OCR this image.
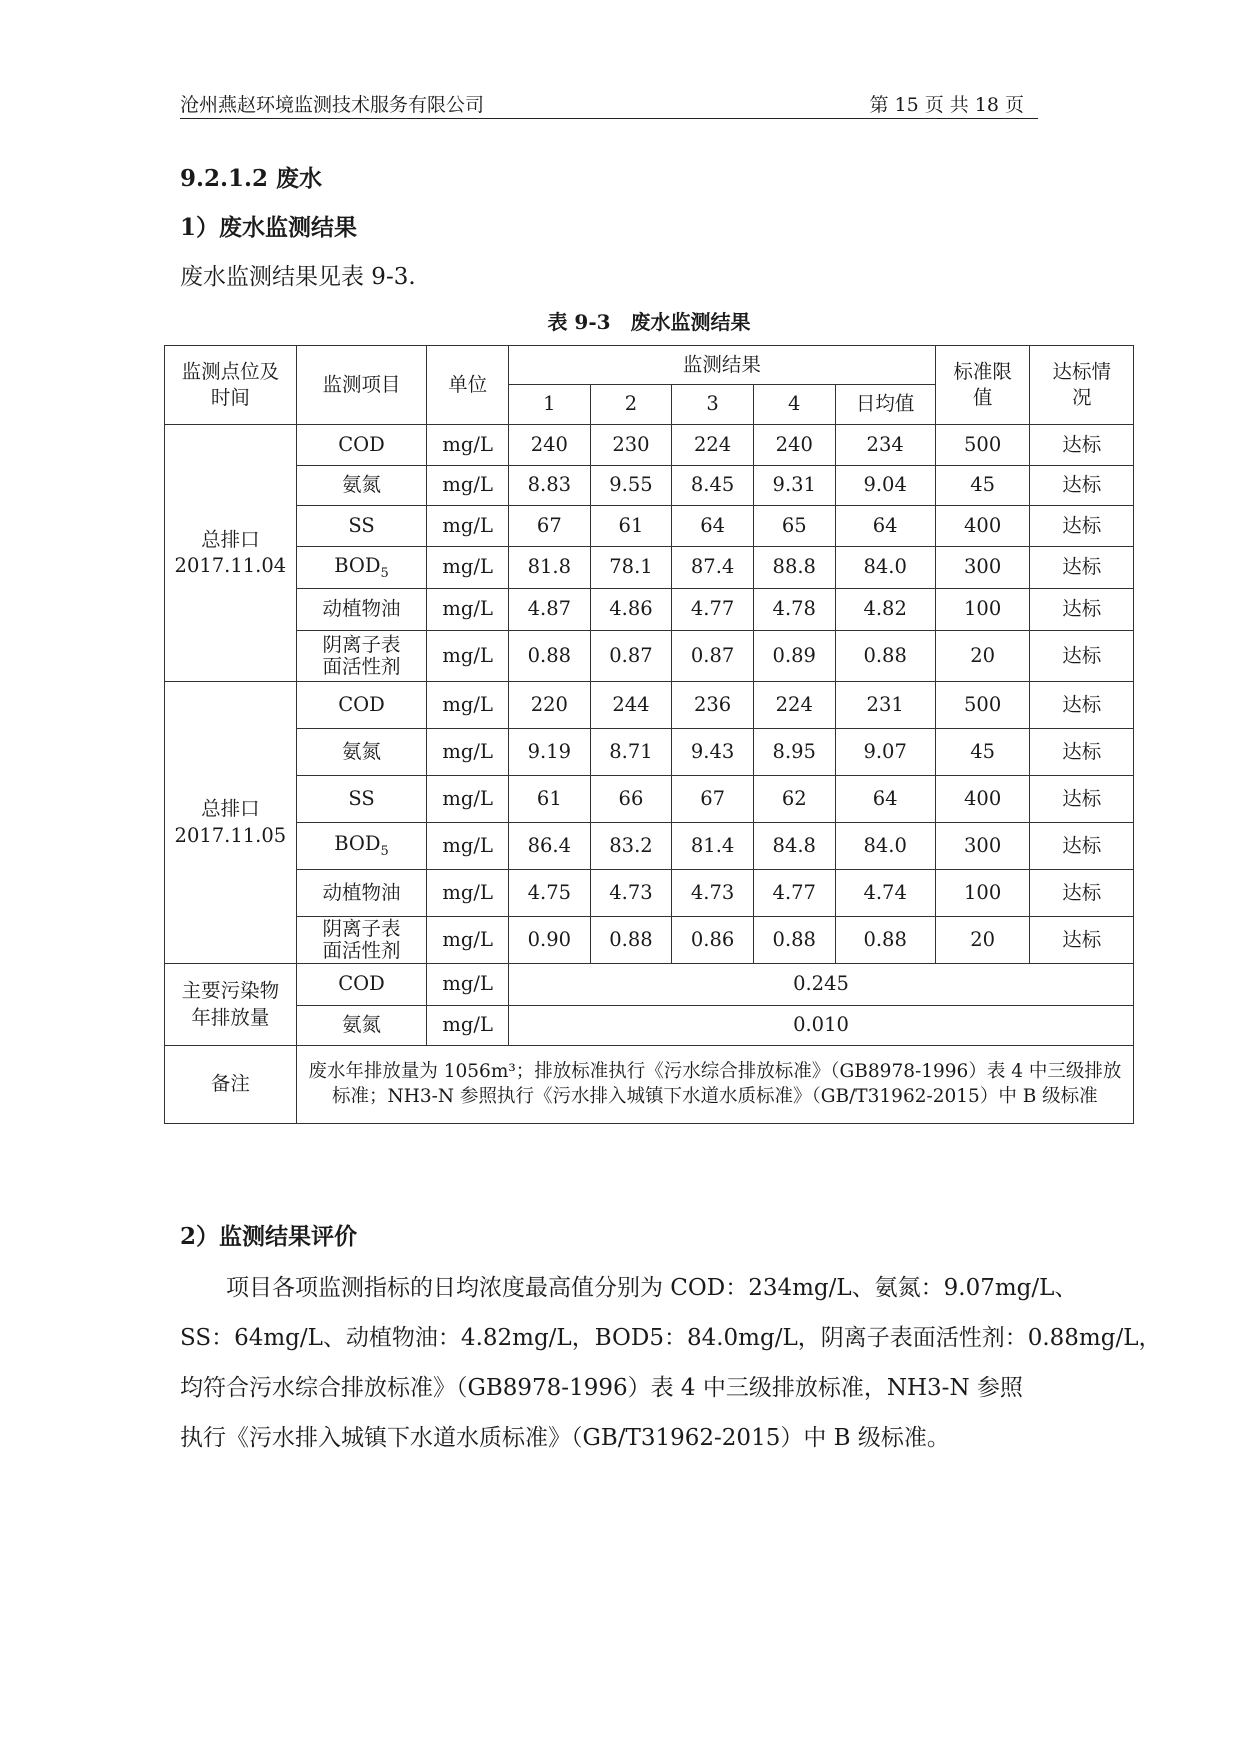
沧州燕赵环境监测技术服务有限公司	第 15 页 共 18 页
9.2.1.2 废水
1）废水监测结果
废水监测结果见表 9-3.
表 9-3　废水监测结果
监测点位及时间	监测项目	单位	监测结果					标准限值	达标情况
			1	2	3	4	日均值		
总排口
2017.11.04	COD	mg/L	240	230	224	240	234	500	达标
	氨氮	mg/L	8.83	9.55	8.45	9.31	9.04	45	达标
	SS	mg/L	67	61	64	65	64	400	达标
	$BOD_5$	mg/L	81.8	78.1	87.4	88.8	84.0	300	达标
	动植物油	mg/L	4.87	4.86	4.77	4.78	4.82	100	达标
	阴离子表
面活性剂	mg/L	0.88	0.87	0.87	0.89	0.88	20	达标
总排口
2017.11.05	COD	mg/L	220	244	236	224	231	500	达标
	氨氮	mg/L	9.19	8.71	9.43	8.95	9.07	45	达标
	SS	mg/L	61	66	67	62	64	400	达标
	$BOD_5$	mg/L	86.4	83.2	81.4	84.8	84.0	300	达标
	动植物油	mg/L	4.75	4.73	4.73	4.77	4.74	100	达标
	阴离子表
面活性剂	mg/L	0.90	0.88	0.86	0.88	0.88	20	达标
主要污染物
年排放量	COD	mg/L	0.245						
	氨氮	mg/L	0.010						
备注	废水年排放量为 1056m³；排放标准执行《污水综合排放标准》（GB8978-1996）表 4 中三级排放标准；NH3-N 参照执行《污水排入城镇下水道水质标准》（GB/T31962-2015）中 B 级标准								
2）监测结果评价

项目各项监测指标的日均浓度最高值分别为 COD：234mg/L、氨氮：9.07mg/L、

SS：64mg/L、动植物油：4.82mg/L，BOD5：84.0mg/L，阴离子表面活性剂：0.88mg/L，

均符合污水综合排放标准》（GB8978-1996）表 4 中三级排放标准，NH3-N 参照

执行《污水排入城镇下水道水质标准》（GB/T31962-2015）中 B 级标准。
